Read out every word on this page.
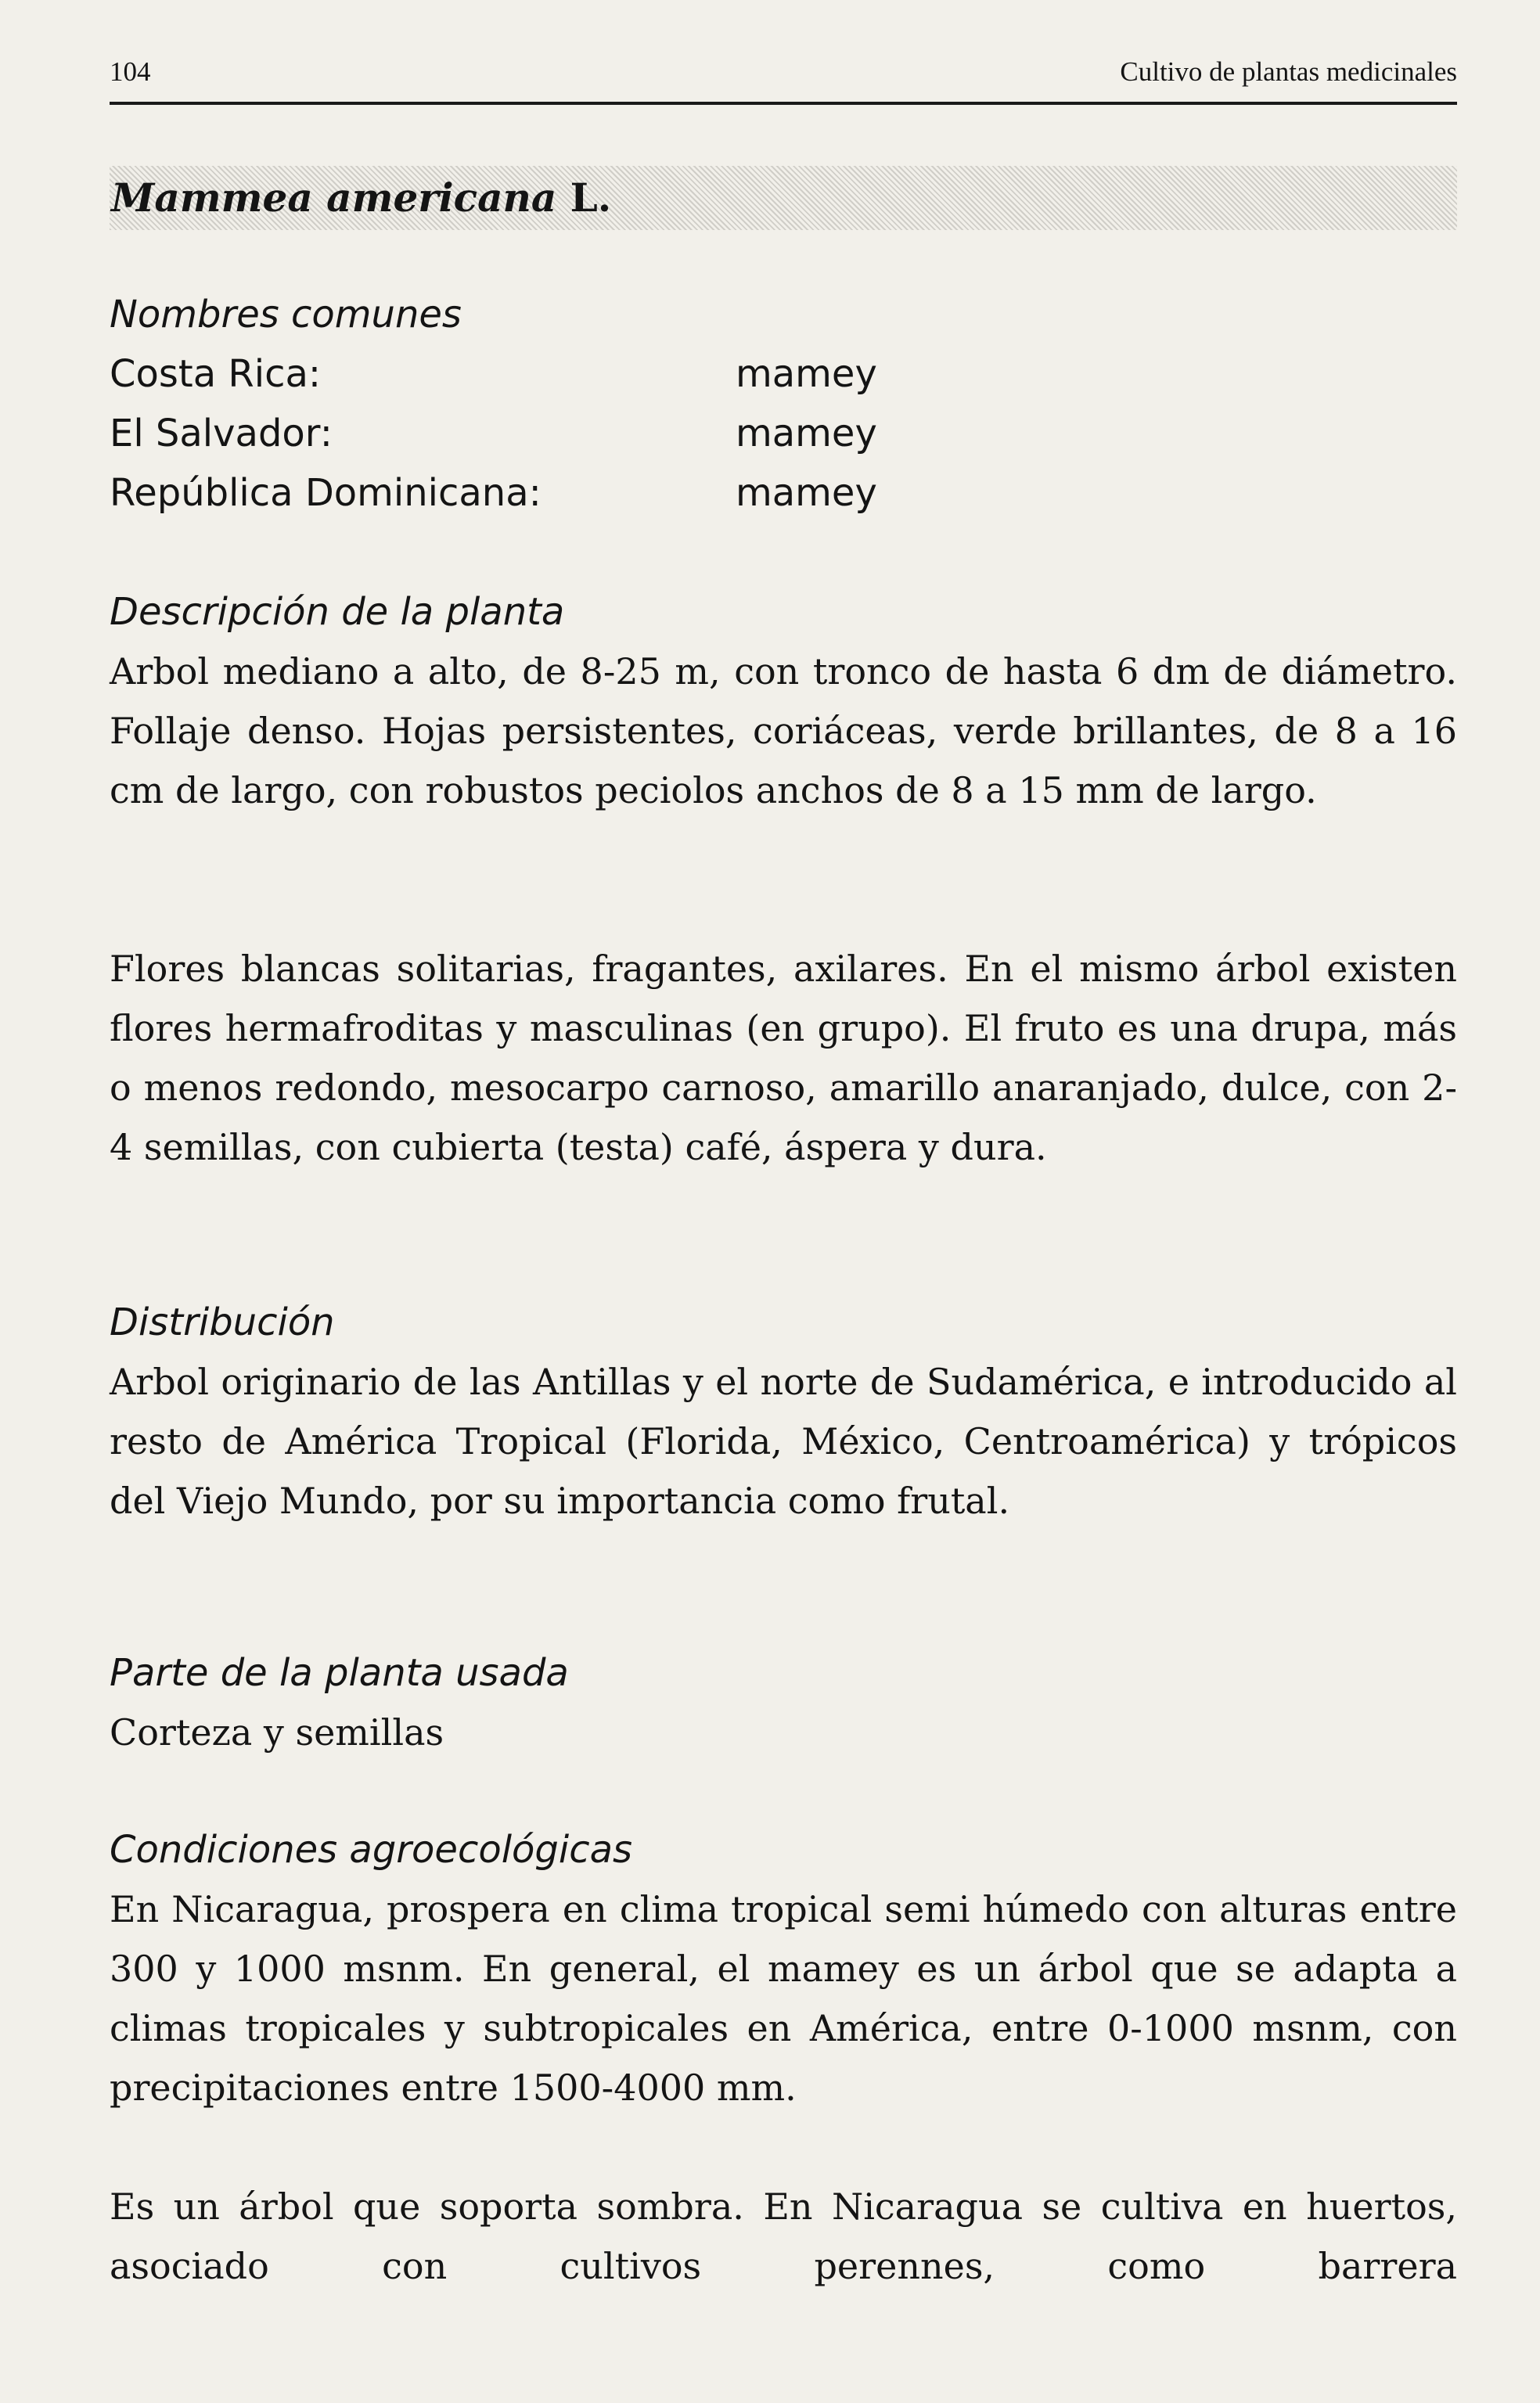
104	Cultivo de plantas medicinales
Mammea americana L.
Nombres comunes
Costa Rica:	mamey
El Salvador:	mamey
República Dominicana:	mamey
Descripción de la planta
Arbol mediano a alto, de 8-25 m, con tronco de hasta 6 dm de diámetro. Follaje denso. Hojas persistentes, coriáceas, verde brillantes, de 8 a 16 cm de largo, con robustos peciolos anchos de 8 a 15 mm de largo.
Flores blancas solitarias, fragantes, axilares. En el mismo árbol existen flores hermafroditas y masculinas (en grupo). El fruto es una drupa, más o menos redondo, mesocarpo carnoso, amarillo anaranjado, dulce, con 2-4 semillas, con cubierta (testa) café, áspera y dura.
Distribución
Arbol originario de las Antillas y el norte de Sudamérica, e introducido al resto de América Tropical (Florida, México, Centroamérica) y trópicos del Viejo Mundo, por su importancia como frutal.
Parte de la planta usada
Corteza y semillas
Condiciones agroecológicas
En Nicaragua, prospera en clima tropical semi húmedo con alturas entre 300 y 1000 msnm. En general, el mamey es un árbol que se adapta a climas tropicales y subtropicales en América, entre 0-1000 msnm, con precipitaciones entre 1500-4000 mm.
Es un árbol que soporta sombra. En Nicaragua se cultiva en huertos, asociado con cultivos perennes, como barrera
